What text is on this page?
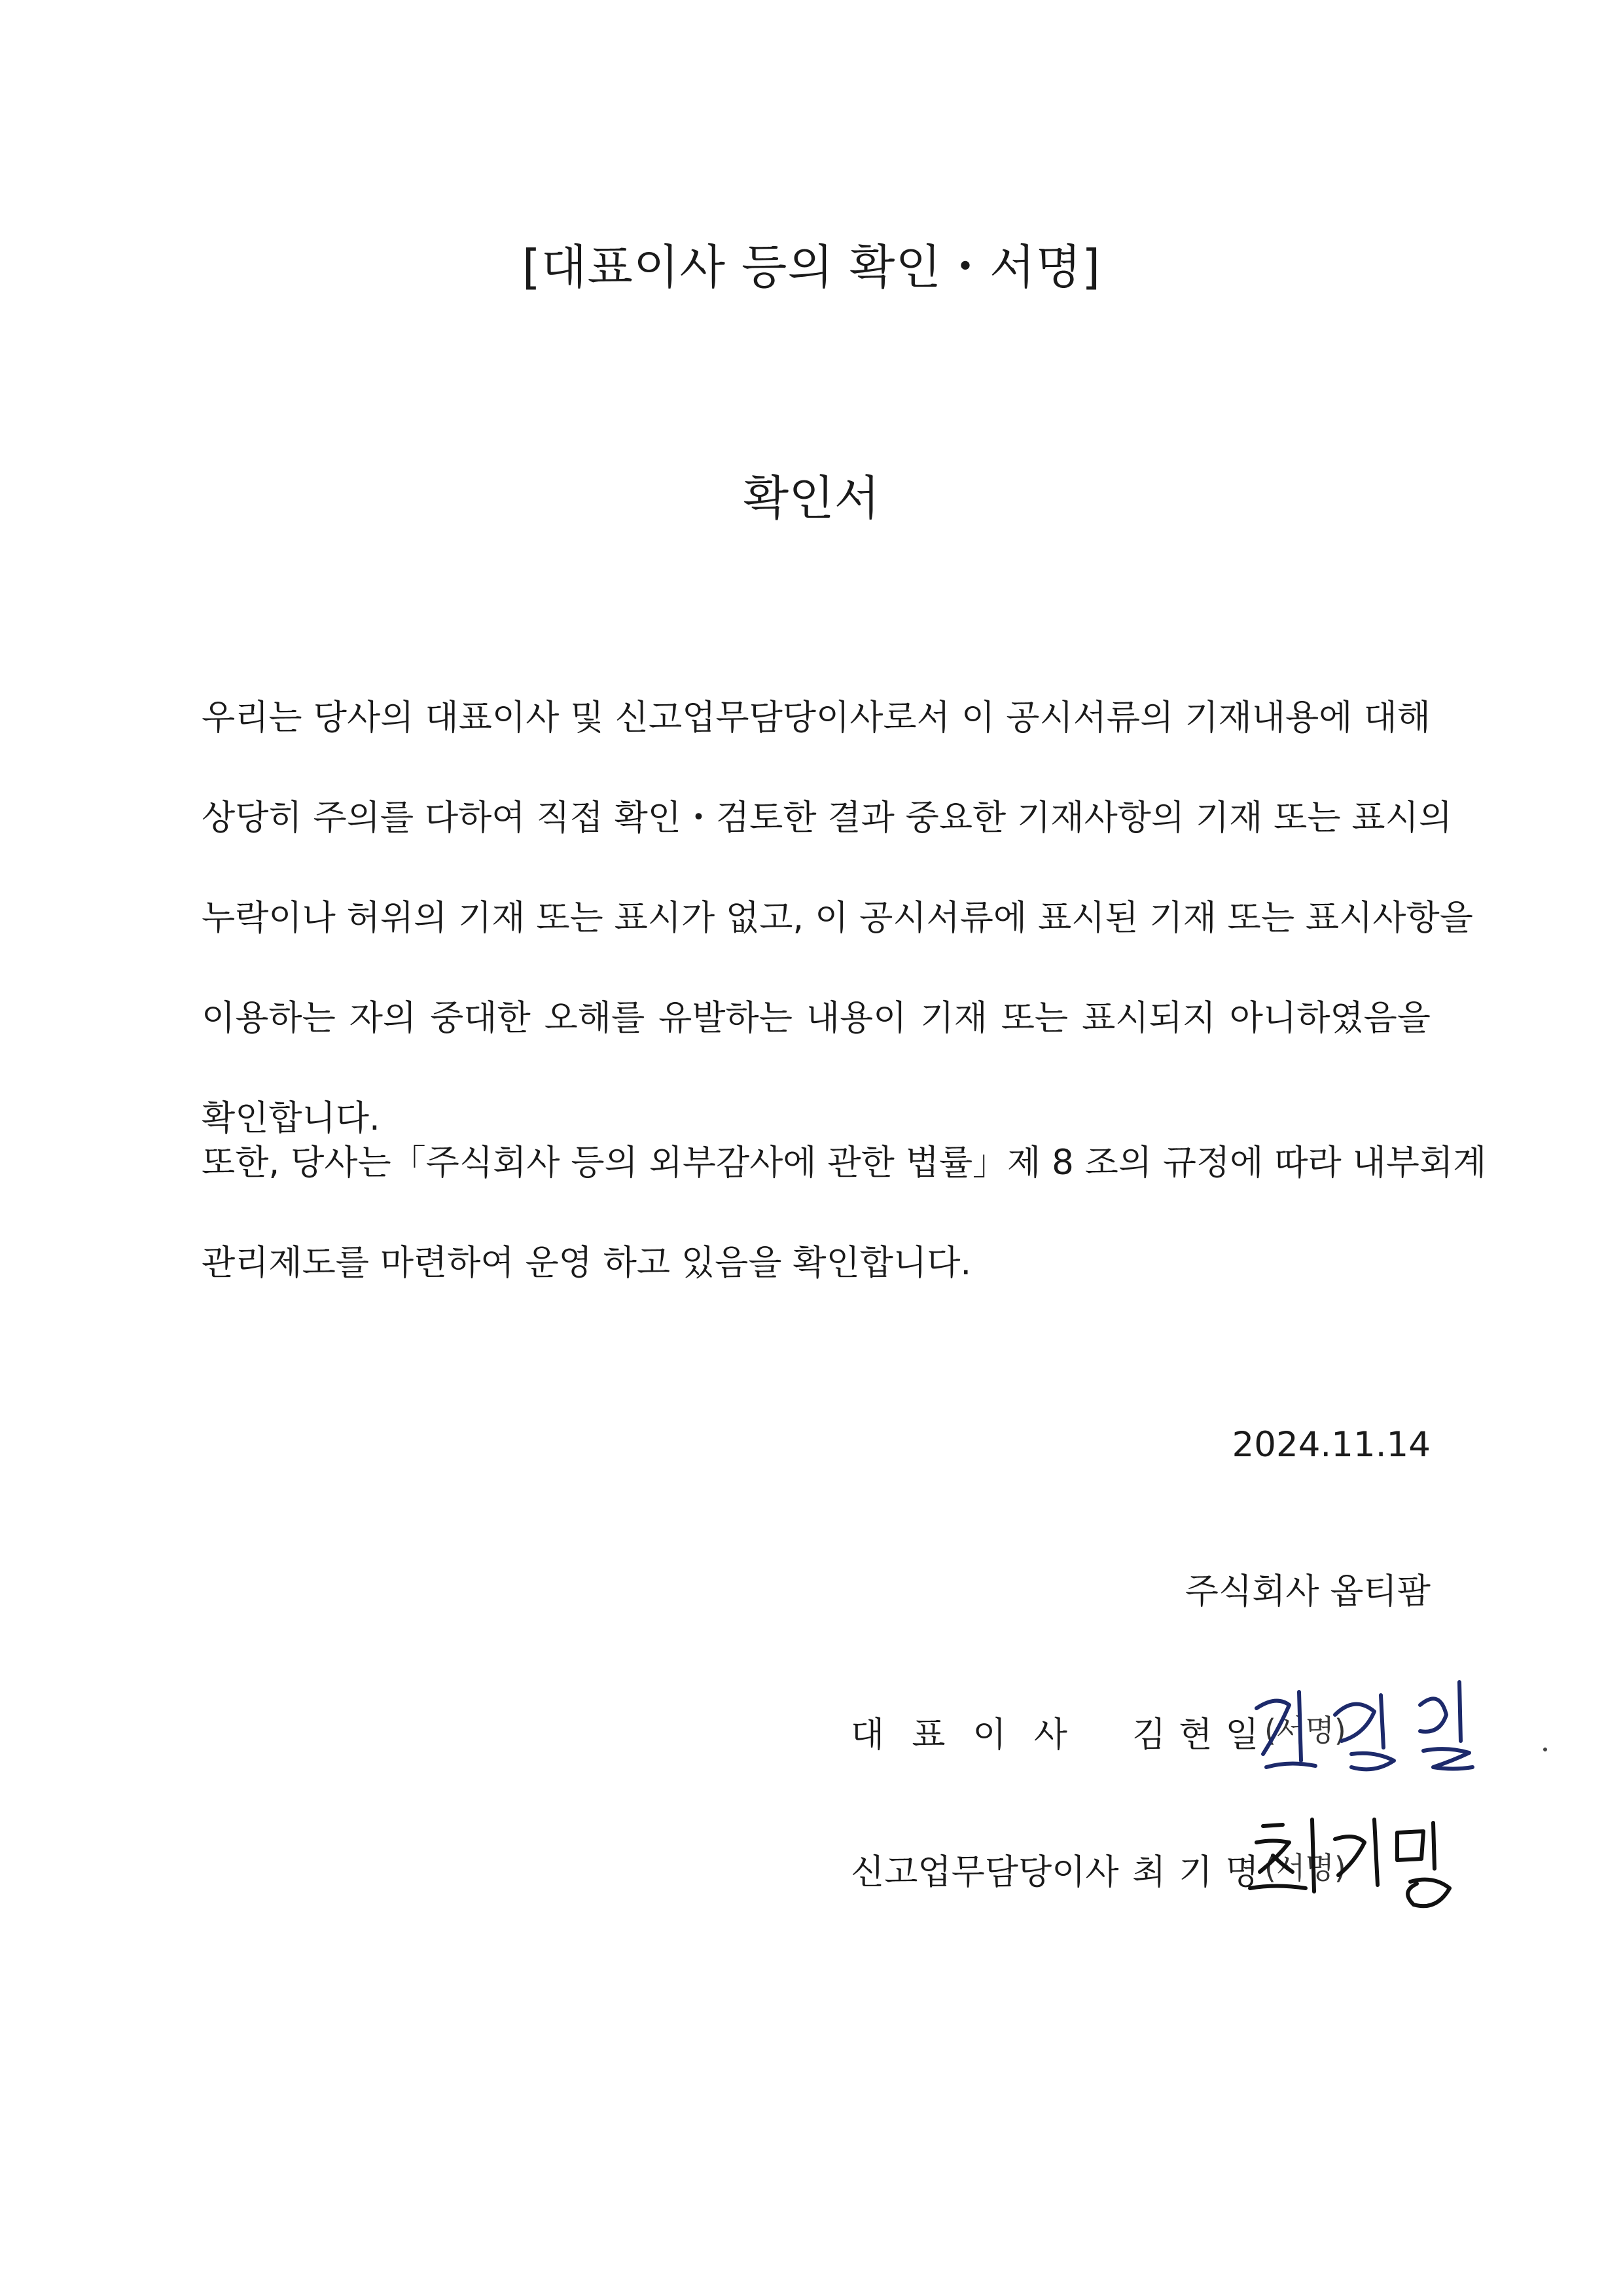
[대표이사 등의 확인・서명]
확인서

우리는 당사의 대표이사 및 신고업무담당이사로서 이 공시서류의 기재내용에 대해
상당히 주의를 다하여 직접 확인・검토한 결과 중요한 기재사항의 기재 또는 표시의
누락이나 허위의 기재 또는 표시가 없고, 이 공시서류에 표시된 기재 또는 표시사항을
이용하는 자의 중대한 오해를 유발하는 내용이 기재 또는 표시되지 아니하였음을
확인합니다.

또한, 당사는「주식회사 등의 외부감사에 관한 법률」제 8 조의 규정에 따라 내부회계
관리제도를 마련하여 운영 하고 있음을 확인합니다.

2024.11.14
주식회사 옵티팜
대표이사 김현일
(서명)
신고업무담당이사 최기명
(서명)
